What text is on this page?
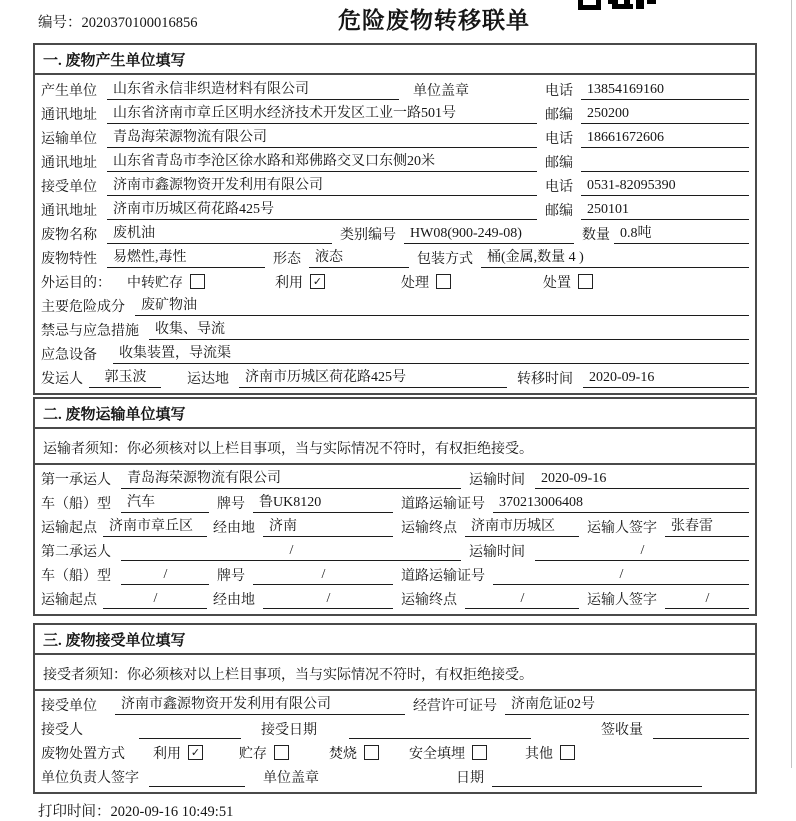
编号：2020370100016856	危险废物转移联单
一. 废物产生单位填写
产生单位	山东省永信非织造材料有限公司	单位盖章	电话	13854169160
通讯地址	山东省济南市章丘区明水经济技术开发区工业一路501号	邮编	250200
运输单位	青岛海荣源物流有限公司	电话	18661672606
通讯地址	山东省青岛市李沧区徐水路和郑佛路交叉口东侧20米	邮编
接受单位	济南市鑫源物资开发利用有限公司	电话	0531-82095390
通讯地址	济南市历城区荷花路425号	邮编	250101
废物名称	废机油	类别编号	HW08(900-249-08)	数量 0.8吨
废物特性	易燃性,毒性	形态	液态	包装方式	桶(金属,数量 4 )
外运目的： 中转贮存	利用 ✓	处理	处置
主要危险成分	废矿物油
禁忌与应急措施	收集、导流
应急设备	收集装置，导流渠
发运人	郭玉波	运达地	济南市历城区荷花路425号	转移时间	2020-09-16
二. 废物运输单位填写
运输者须知：你必须核对以上栏目事项，当与实际情况不符时，有权拒绝接受。
第一承运人	青岛海荣源物流有限公司	运输时间	2020-09-16
车（船）型	汽车	牌号	鲁UK8120	道路运输证号	370213006408
运输起点 济南市章丘区	经由地	济南	运输终点	济南市历城区	运输人签字	张春雷
第二承运人	/	运输时间	/
车（船）型	/	牌号	/	道路运输证号	/
运输起点	/	经由地	/	运输终点	/	运输人签字	/
三. 废物接受单位填写
接受者须知：你必须核对以上栏目事项，当与实际情况不符时，有权拒绝接受。
接受单位	济南市鑫源物资开发利用有限公司	经营许可证号	济南危证02号
接受人	接受日期	签收量
废物处置方式 利用 ✓	贮存	焚烧	安全填埋	其他
单位负责人签字	单位盖章	日期
打印时间：2020-09-16 10:49:51
